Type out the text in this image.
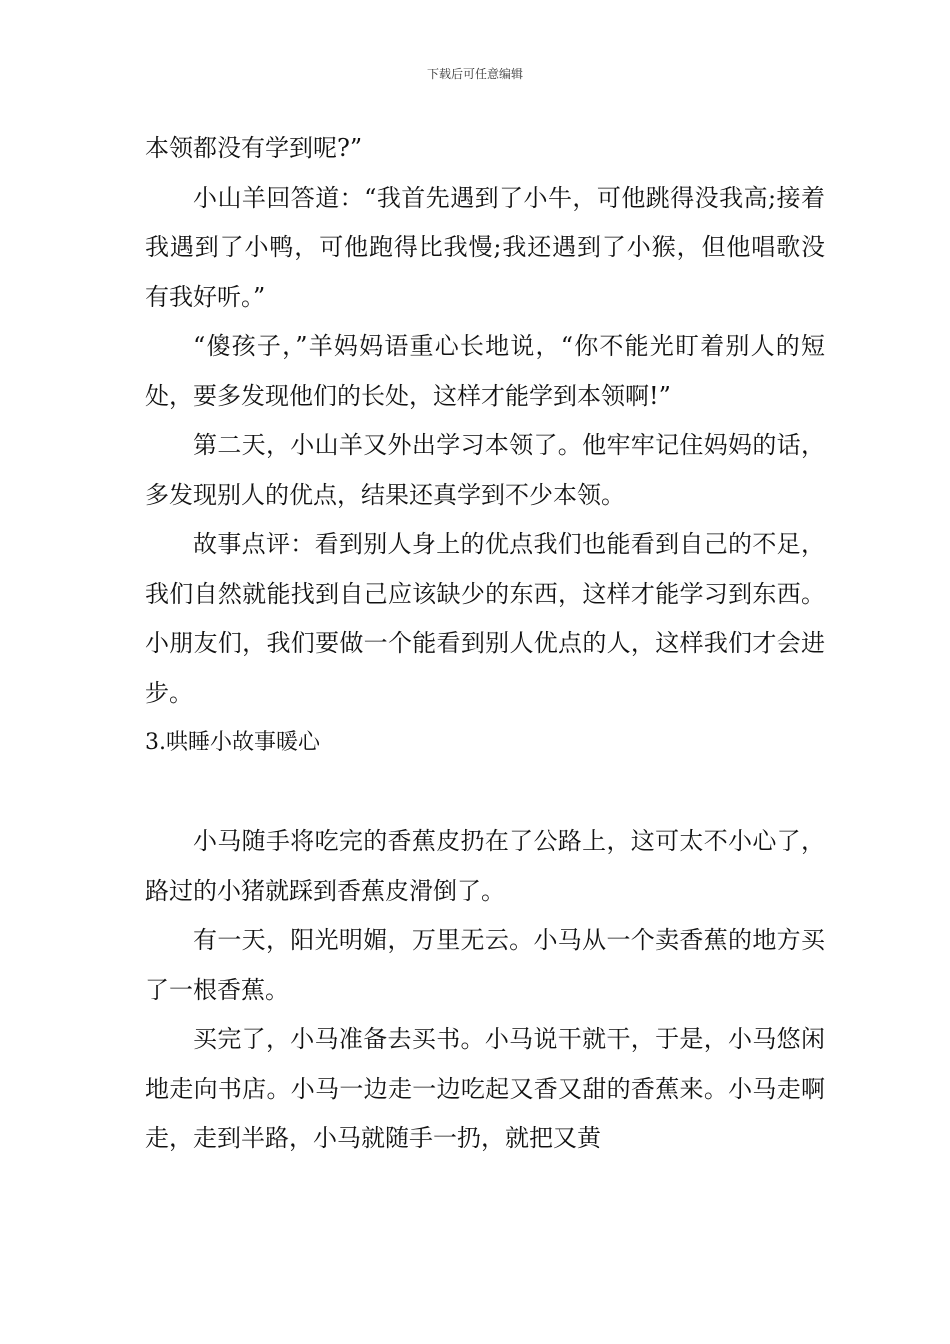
下载后可任意编辑

本领都没有学到呢?”

小山羊回答道：“我首先遇到了小牛，可他跳得没我高;接着我遇到了小鸭，可他跑得比我慢;我还遇到了小猴，但他唱歌没有我好听。”

“傻孩子，”羊妈妈语重心长地说，“你不能光盯着别人的短处，要多发现他们的长处，这样才能学到本领啊!”

第二天，小山羊又外出学习本领了。他牢牢记住妈妈的话，多发现别人的优点，结果还真学到不少本领。

故事点评：看到别人身上的优点我们也能看到自己的不足，我们自然就能找到自己应该缺少的东西，这样才能学习到东西。小朋友们，我们要做一个能看到别人优点的人，这样我们才会进步。

3.哄睡小故事暖心

小马随手将吃完的香蕉皮扔在了公路上，这可太不小心了，路过的小猪就踩到香蕉皮滑倒了。

有一天，阳光明媚，万里无云。小马从一个卖香蕉的地方买了一根香蕉。

买完了，小马准备去买书。小马说干就干，于是，小马悠闲地走向书店。小马一边走一边吃起又香又甜的香蕉来。小马走啊走，走到半路，小马就随手一扔，就把又黄
